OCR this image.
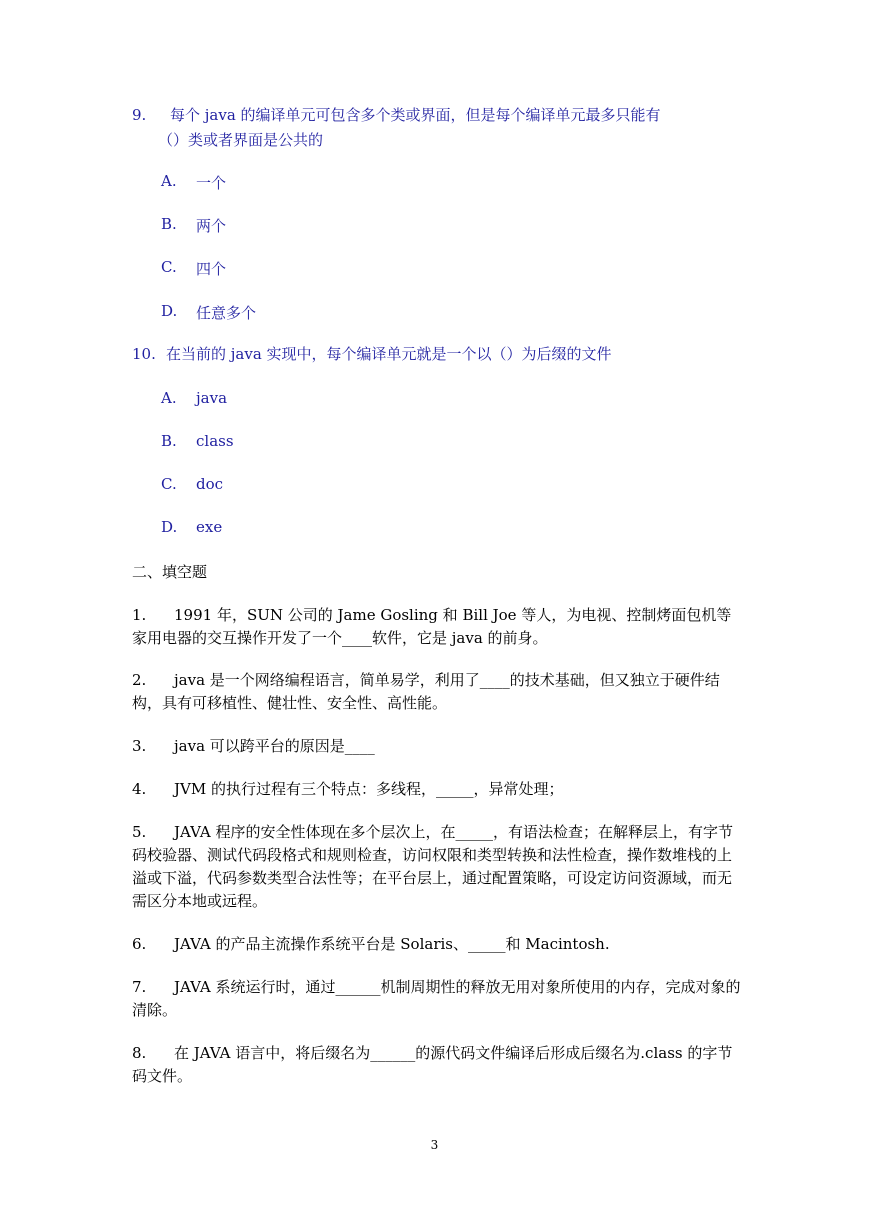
9. 每个 java 的编译单元可包含多个类或界面，但是每个编译单元最多只能有
（）类或者界面是公共的
A. 一个
B. 两个
C. 四个
D. 任意多个
10. 在当前的 java 实现中，每个编译单元就是一个以（）为后缀的文件
A. java
B. class
C. doc
D. exe
二、填空题
1. 1991 年，SUN 公司的 Jame Gosling 和 Bill Joe 等人，为电视、控制烤面包机等家用电器的交互操作开发了一个____软件，它是 java 的前身。
2. java 是一个网络编程语言，简单易学，利用了____的技术基础，但又独立于硬件结构，具有可移植性、健壮性、安全性、高性能。
3. java 可以跨平台的原因是____
4. JVM 的执行过程有三个特点：多线程，_____，异常处理；
5. JAVA 程序的安全性体现在多个层次上，在_____，有语法检查；在解释层上，有字节码校验器、测试代码段格式和规则检查，访问权限和类型转换和法性检查，操作数堆栈的上溢或下溢，代码参数类型合法性等；在平台层上，通过配置策略，可设定访问资源域，而无需区分本地或远程。
6. JAVA 的产品主流操作系统平台是 Solaris、_____和 Macintosh.
7. JAVA 系统运行时，通过______机制周期性的释放无用对象所使用的内存，完成对象的清除。
8. 在 JAVA 语言中，将后缀名为______的源代码文件编译后形成后缀名为.class 的字节码文件。
3
